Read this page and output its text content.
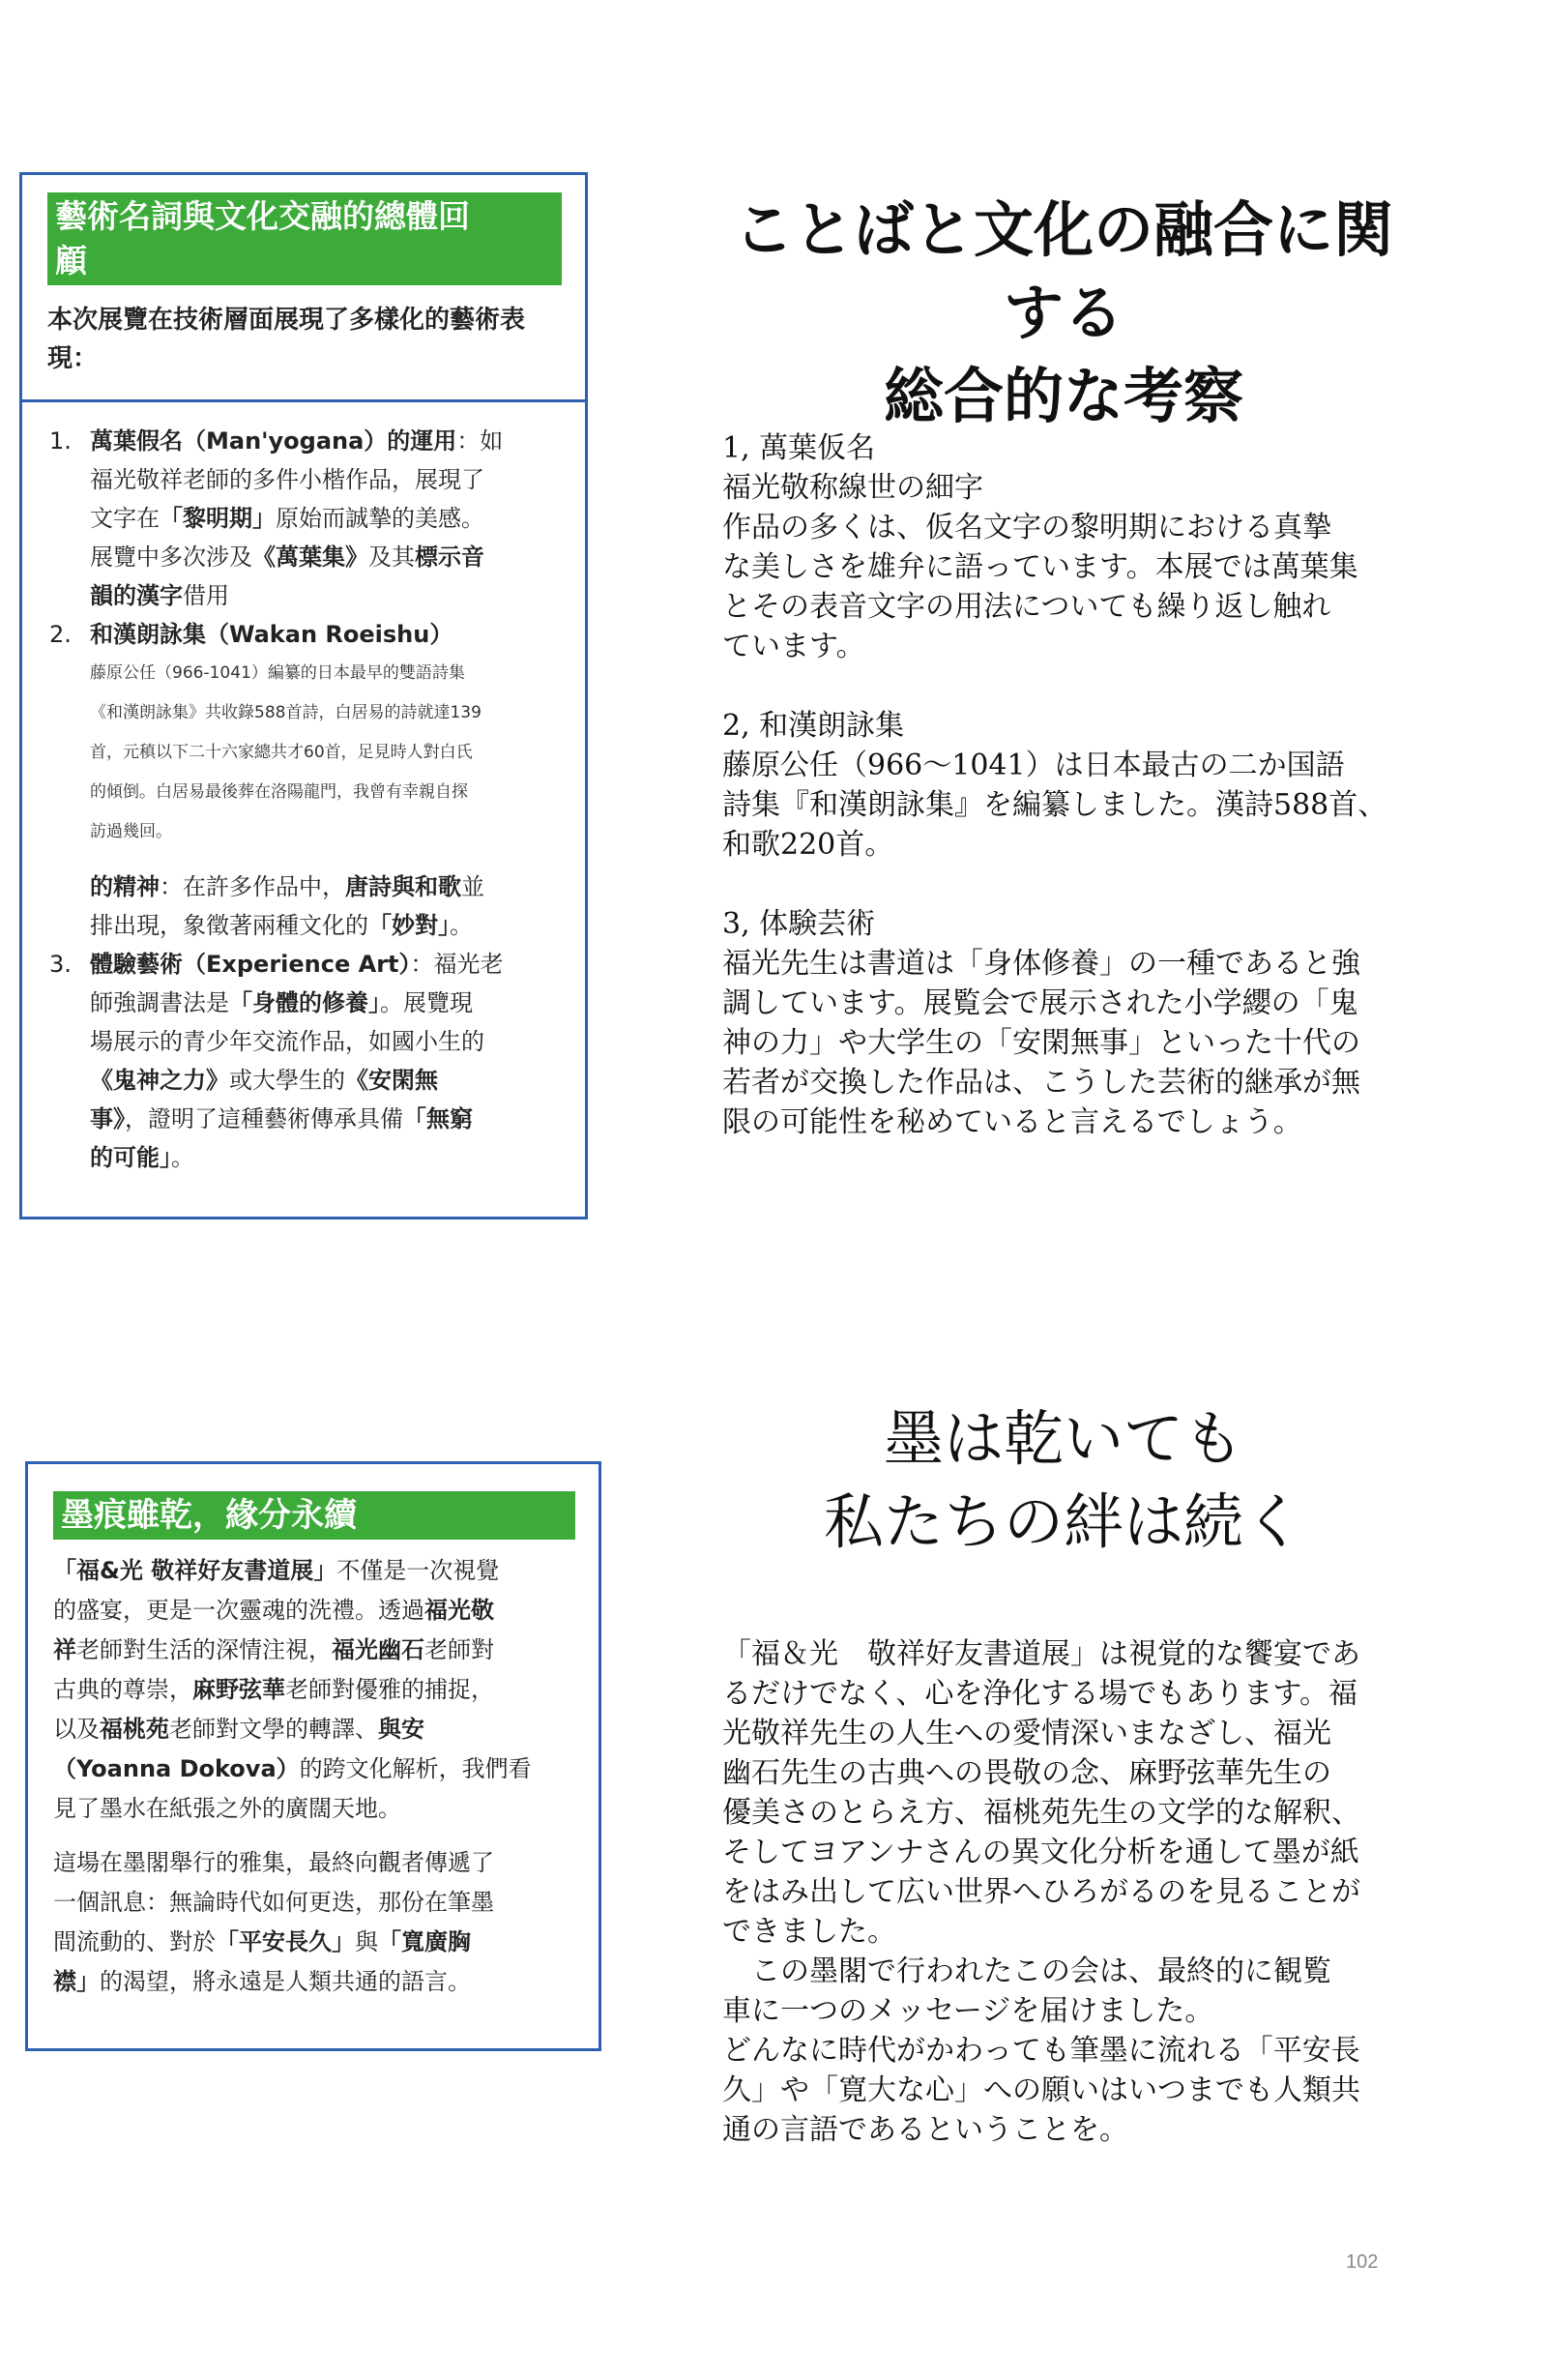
藝術名詞與文化交融的總體回
顧
本次展覽在技術層面展現了多樣化的藝術表
現：
1. 萬葉假名（Man'yogana）的運用：如
福光敬祥老師的多件小楷作品，展現了
文字在「黎明期」原始而誠摯的美感。
展覽中多次涉及《萬葉集》及其標示音
韻的漢字借用
2. 和漢朗詠集（Wakan Roeishu）
藤原公任（966-1041）編纂的日本最早的雙語詩集
《和漢朗詠集》共收錄588首詩，白居易的詩就達139
首，元稹以下二十六家總共才60首，足見時人對白氏
的傾倒。白居易最後葬在洛陽龍門，我曾有幸親自探
訪過幾回。
的精神：在許多作品中，唐詩與和歌並
排出現，象徵著兩種文化的「妙對」。
3. 體驗藝術（Experience Art）：福光老
師強調書法是「身體的修養」。展覽現
場展示的青少年交流作品，如國小生的
《鬼神之力》或大學生的《安閑無
事》，證明了這種藝術傳承具備「無窮
的可能」。
ことばと文化の融合に関
する
総合的な考察
1, 萬葉仮名
福光敬称線世の細字
作品の多くは、仮名文字の黎明期における真摯
な美しさを雄弁に語っています。本展では萬葉集
とその表音文字の用法についても繰り返し触れ
ています。

2, 和漢朗詠集
藤原公任（966～1041）は日本最古の二か国語
詩集『和漢朗詠集』を編纂しました。漢詩588首、
和歌220首。

3, 体験芸術
福光先生は書道は「身体修養」の一種であると強
調しています。展覧会で展示された小学纓の「鬼
神の力」や大学生の「安閑無事」といった十代の
若者が交換した作品は、こうした芸術的継承が無
限の可能性を秘めていると言えるでしょう。
墨痕雖乾，緣分永續
「福&光 敬祥好友書道展」不僅是一次視覺
的盛宴，更是一次靈魂的洗禮。透過福光敬
祥老師對生活的深情注視，福光幽石老師對
古典的尊崇，麻野弦華老師對優雅的捕捉，
以及福桃苑老師對文學的轉譯、與安
（Yoanna Dokova）的跨文化解析，我們看
見了墨水在紙張之外的廣闊天地。
這場在墨閣舉行的雅集，最終向觀者傳遞了
一個訊息：無論時代如何更迭，那份在筆墨
間流動的、對於「平安長久」與「寬廣胸
襟」的渴望，將永遠是人類共通的語言。
墨は乾いても
私たちの絆は続く
「福＆光　敬祥好友書道展」は視覚的な饗宴であ
るだけでなく、心を浄化する場でもあります。福
光敬祥先生の人生への愛情深いまなざし、福光
幽石先生の古典への畏敬の念、麻野弦華先生の
優美さのとらえ方、福桃苑先生の文学的な解釈、
そしてヨアンナさんの異文化分析を通して墨が紙
をはみ出して広い世界へひろがるのを見ることが
できました。
　この墨閣で行われたこの会は、最終的に観覧
車に一つのメッセージを届けました。
どんなに時代がかわっても筆墨に流れる「平安長
久」や「寛大な心」への願いはいつまでも人類共
通の言語であるということを。
102
